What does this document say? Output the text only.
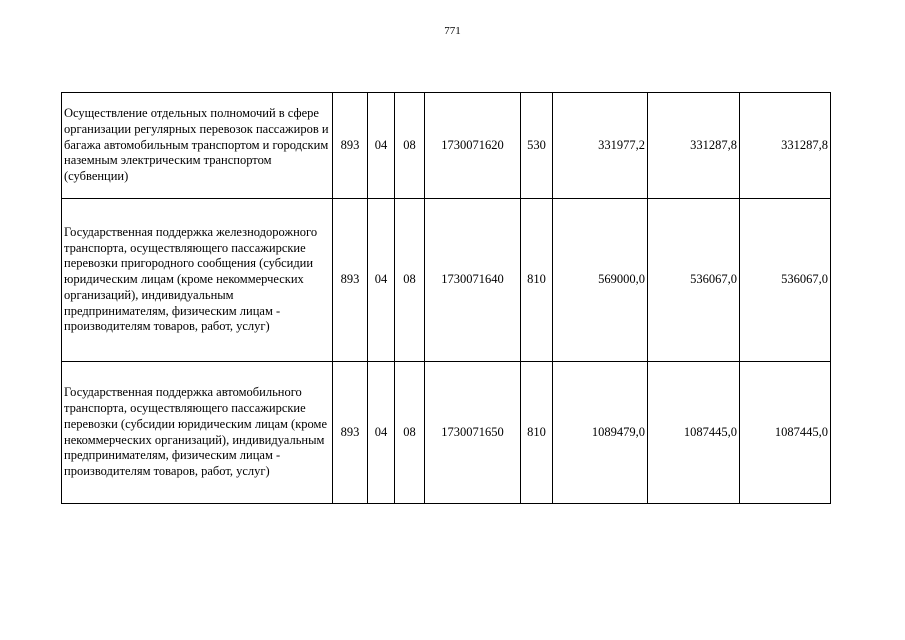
771
Осуществление отдельных полномочий в сфере организации регулярных перевозок пассажиров и багажа автомобильным транспортом и городским наземным электрическим транспортом (субвенции)	893	04	08	1730071620	530	331977,2	331287,8	331287,8
Государственная поддержка железнодорожного транспорта, осуществляющего пассажирские перевозки пригородного сообщения (субсидии юридическим лицам (кроме некоммерческих организаций), индивидуальным предпринимателям, физическим лицам - производителям товаров, работ, услуг)	893	04	08	1730071640	810	569000,0	536067,0	536067,0
Государственная поддержка автомобильного транспорта, осуществляющего пассажирские перевозки (субсидии юридическим лицам (кроме некоммерческих организаций), индивидуальным предпринимателям, физическим лицам - производителям товаров, работ, услуг)	893	04	08	1730071650	810	1089479,0	1087445,0	1087445,0
